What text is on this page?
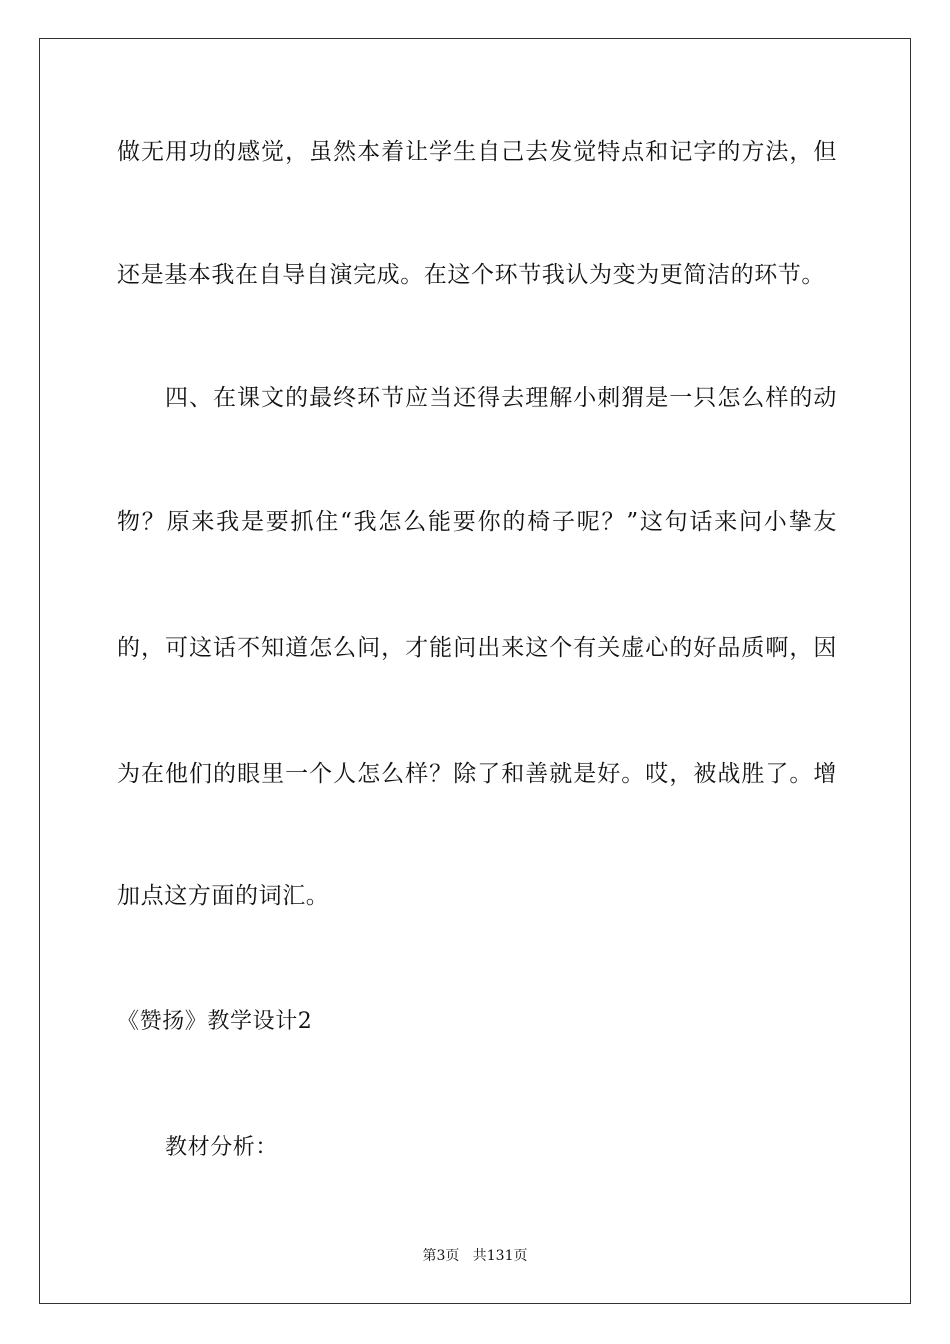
做无用功的感觉，虽然本着让学生自己去发觉特点和记字的方法，但
还是基本我在自导自演完成。在这个环节我认为变为更简洁的环节。
四、在课文的最终环节应当还得去理解小刺猬是一只怎么样的动
物？原来我是要抓住“我怎么能要你的椅子呢？”这句话来问小挚友
的，可这话不知道怎么问，才能问出来这个有关虚心的好品质啊，因
为在他们的眼里一个人怎么样？除了和善就是好。哎，被战胜了。增
加点这方面的词汇。
《赞扬》教学设计2
教材分析：
第3页 共131页
